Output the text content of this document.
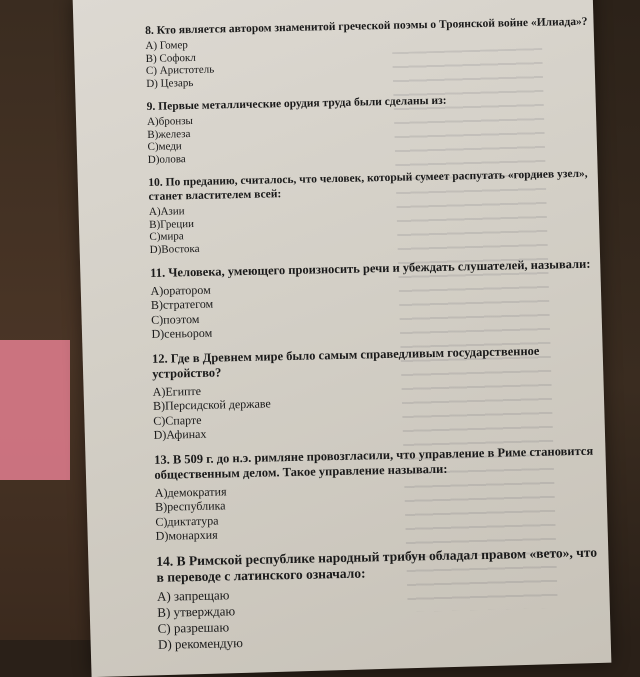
8. Кто является автором знаменитой греческой поэмы о Троянской войне «Илиада»?

А) Гомер

В) Софокл

С) Аристотель

D) Цезарь

9. Первые металлические орудия труда были сделаны из:

А)бронзы

В)железа

С)меди

D)олова

10. По преданию, считалось, что человек, который сумеет распутать «гордиев узел», станет властителем всей:

А)Азии

В)Греции

С)мира

D)Востока

11. Человека, умеющего произносить речи и убеждать слушателей, называли:

А)оратором

В)стратегом

С)поэтом

D)сеньором

12. Где в Древнем мире было самым справедливым государственное устройство?

А)Египте

В)Персидской державе

С)Спарте

D)Афинах

13. В 509 г. до н.э. римляне провозгласили, что управление в Риме становится общественным делом. Такое управление называли:

А)демократия

В)республика

С)диктатура

D)монархия

14. В Римской республике народный трибун обладал правом «вето», что в переводе с латинского означало:

А) запрещаю

В) утверждаю

С) разрешаю

D) рекомендую
